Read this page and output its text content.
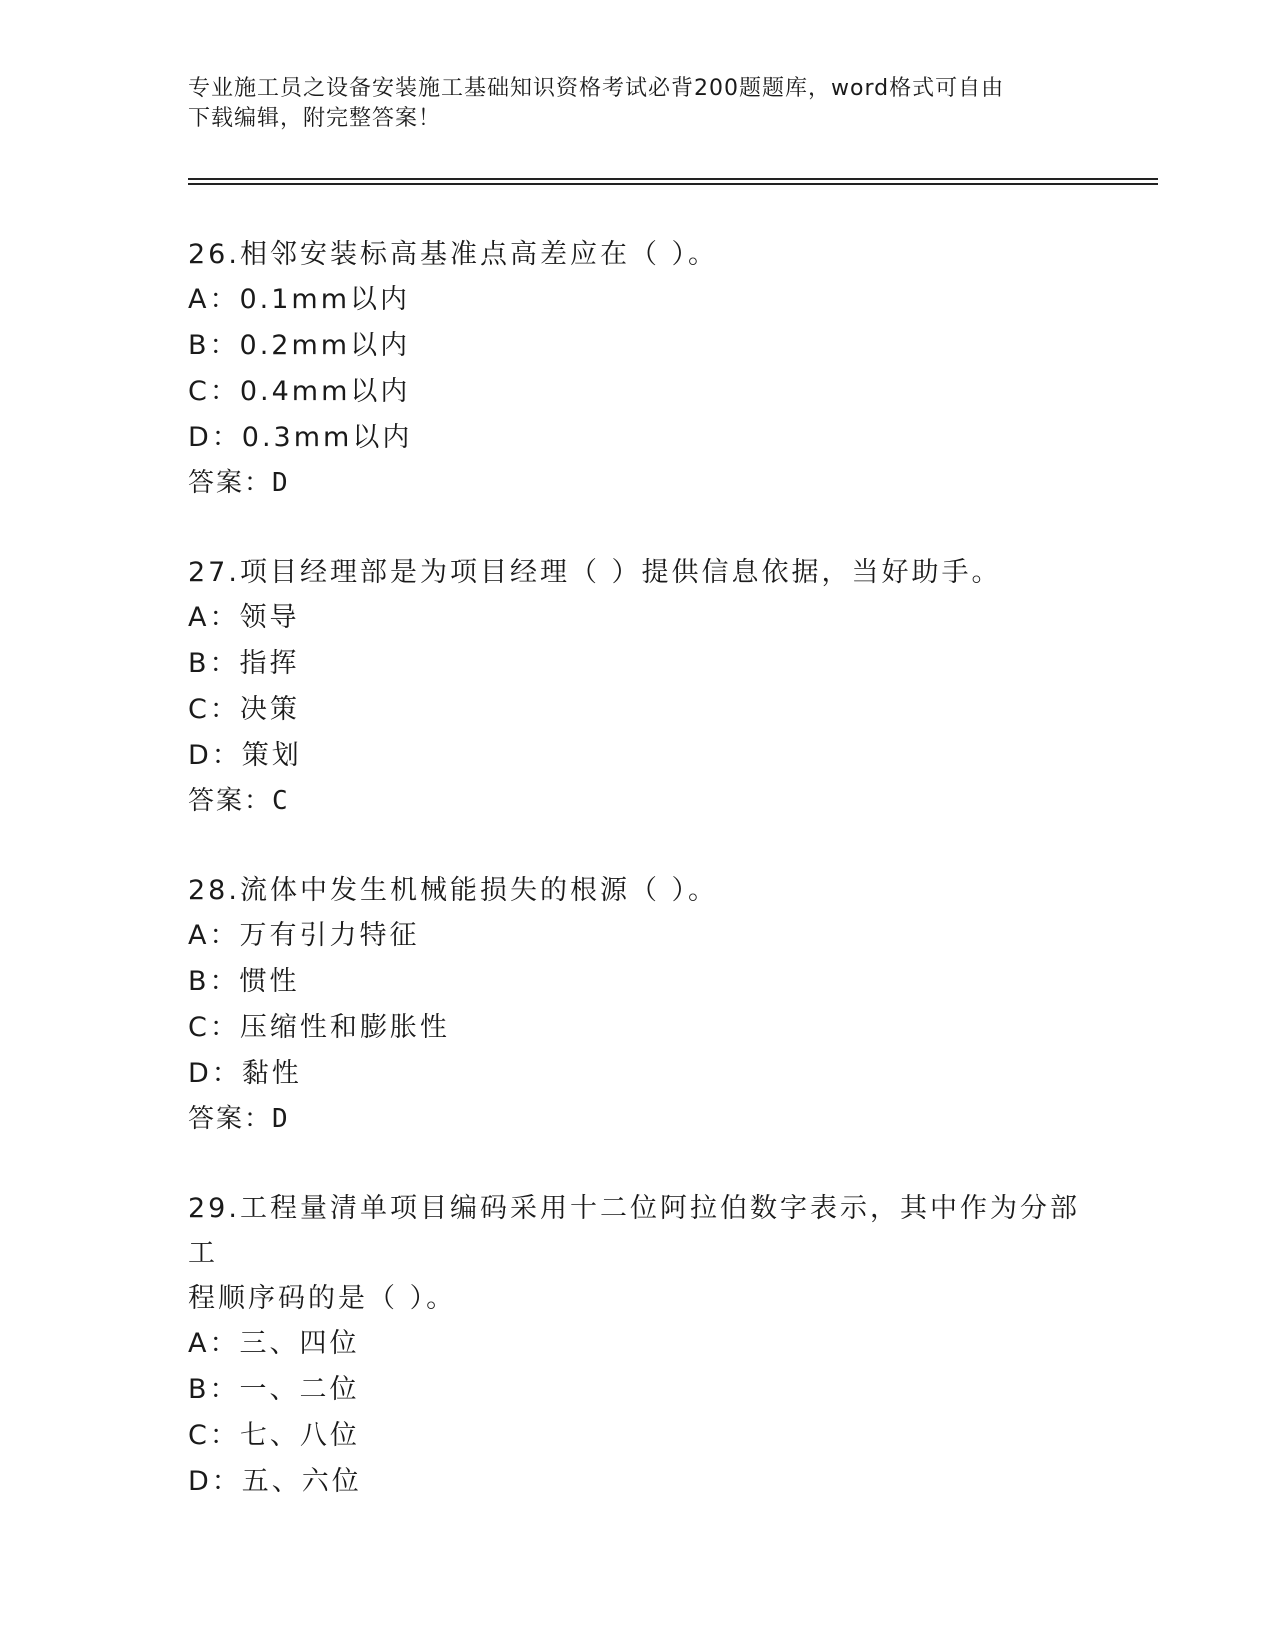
专业施工员之设备安装施工基础知识资格考试必背200题题库，word格式可自由
下载编辑，附完整答案！
26.相邻安装标高基准点高差应在（ ）。
A：0.1mm以内
B：0.2mm以内
C：0.4mm以内
D：0.3mm以内
答案：D
27.项目经理部是为项目经理（ ）提供信息依据，当好助手。
A：领导
B：指挥
C：决策
D：策划
答案：C
28.流体中发生机械能损失的根源（ ）。
A：万有引力特征
B：惯性
C：压缩性和膨胀性
D：黏性
答案：D
29.工程量清单项目编码采用十二位阿拉伯数字表示，其中作为分部工
程顺序码的是（ ）。
A：三、四位
B：一、二位
C：七、八位
D：五、六位
